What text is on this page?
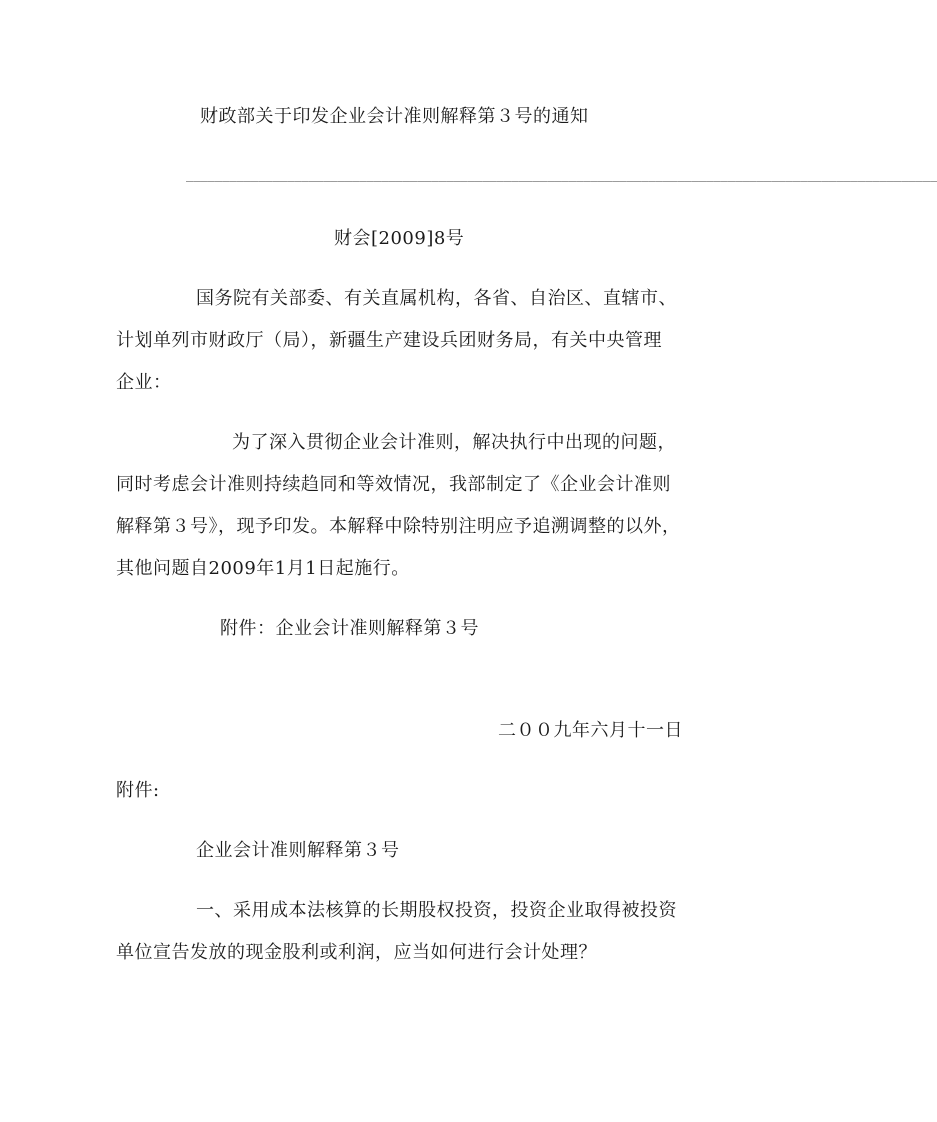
财政部关于印发企业会计准则解释第３号的通知
________________________________________________________________________________________________________
财会[2009]8号
国务院有关部委、有关直属机构，各省、自治区、直辖市、
计划单列市财政厅（局），新疆生产建设兵团财务局，有关中央管理
企业：
为了深入贯彻企业会计准则，解决执行中出现的问题，
同时考虑会计准则持续趋同和等效情况，我部制定了《企业会计准则
解释第３号》，现予印发。本解释中除特别注明应予追溯调整的以外，
其他问题自2009年1月1日起施行。
附件：企业会计准则解释第３号
二００九年六月十一日
附件:
企业会计准则解释第３号
一、采用成本法核算的长期股权投资，投资企业取得被投资
单位宣告发放的现金股利或利润，应当如何进行会计处理？
